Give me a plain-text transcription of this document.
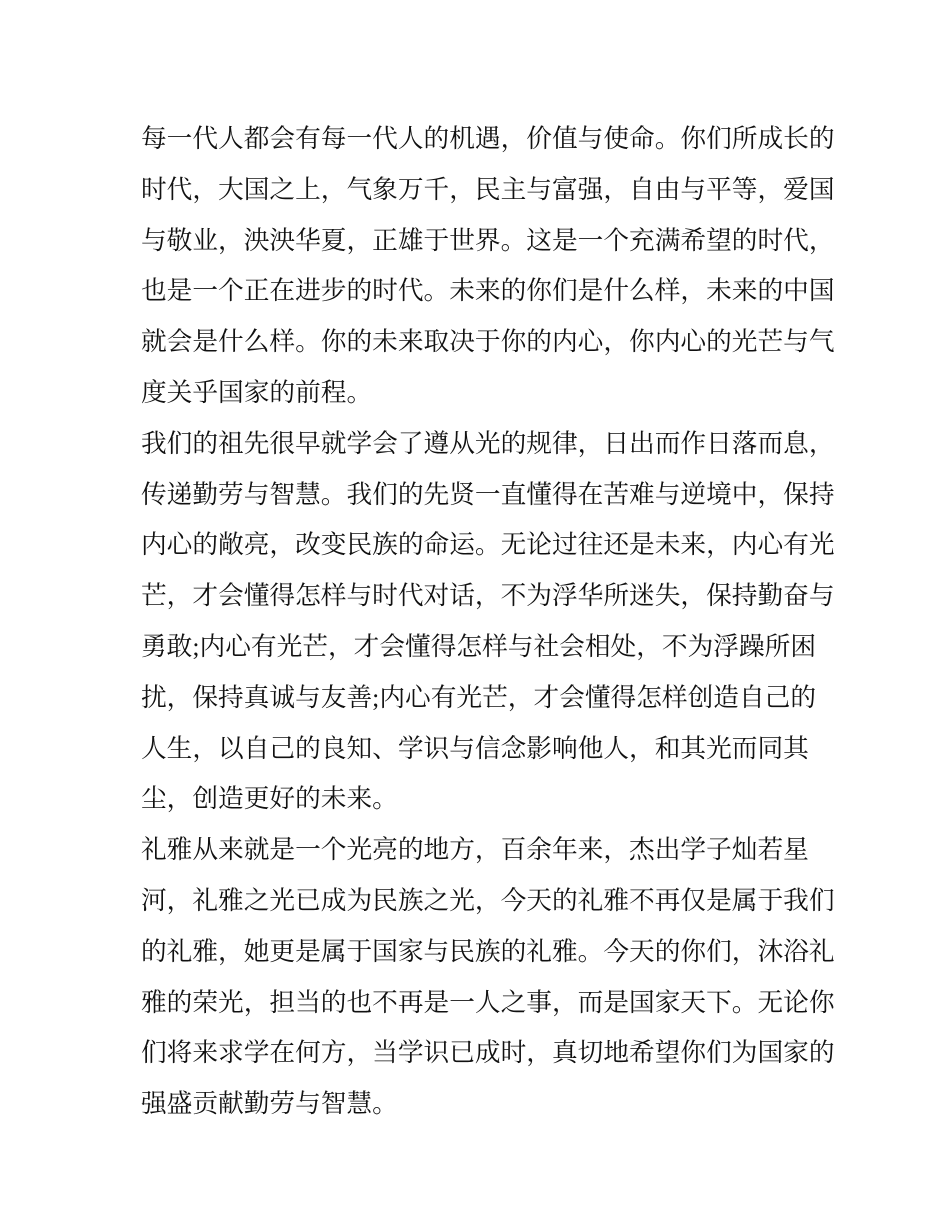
每一代人都会有每一代人的机遇，价值与使命。你们所成长的
时代，大国之上，气象万千，民主与富强，自由与平等，爱国
与敬业，泱泱华夏，正雄于世界。这是一个充满希望的时代，
也是一个正在进步的时代。未来的你们是什么样，未来的中国
就会是什么样。你的未来取决于你的内心，你内心的光芒与气
度关乎国家的前程。
我们的祖先很早就学会了遵从光的规律，日出而作日落而息，
传递勤劳与智慧。我们的先贤一直懂得在苦难与逆境中，保持
内心的敞亮，改变民族的命运。无论过往还是未来，内心有光
芒，才会懂得怎样与时代对话，不为浮华所迷失，保持勤奋与
勇敢;内心有光芒，才会懂得怎样与社会相处，不为浮躁所困
扰，保持真诚与友善;内心有光芒，才会懂得怎样创造自己的
人生，以自己的良知、学识与信念影响他人，和其光而同其
尘，创造更好的未来。
礼雅从来就是一个光亮的地方，百余年来，杰出学子灿若星
河，礼雅之光已成为民族之光，今天的礼雅不再仅是属于我们
的礼雅，她更是属于国家与民族的礼雅。今天的你们，沐浴礼
雅的荣光，担当的也不再是一人之事，而是国家天下。无论你
们将来求学在何方，当学识已成时，真切地希望你们为国家的
强盛贡献勤劳与智慧。
